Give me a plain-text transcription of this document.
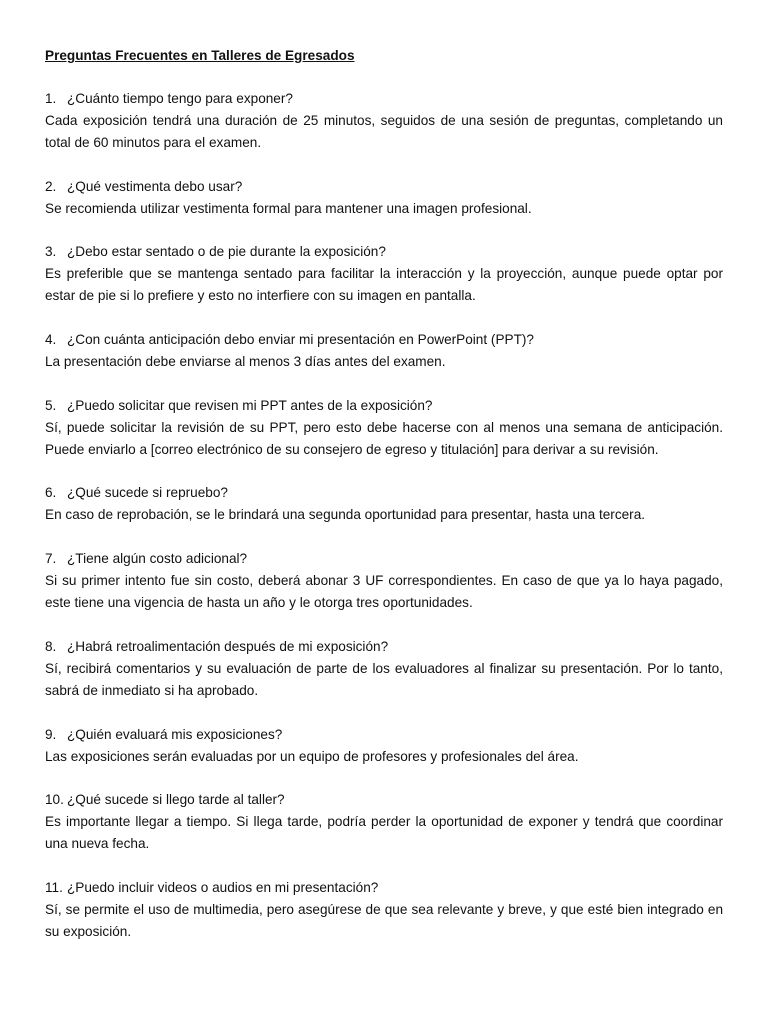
Preguntas Frecuentes en Talleres de Egresados

1. ¿Cuánto tiempo tengo para exponer?

Cada exposición tendrá una duración de 25 minutos, seguidos de una sesión de preguntas, completando un total de 60 minutos para el examen.

2. ¿Qué vestimenta debo usar?

Se recomienda utilizar vestimenta formal para mantener una imagen profesional.

3. ¿Debo estar sentado o de pie durante la exposición?

Es preferible que se mantenga sentado para facilitar la interacción y la proyección, aunque puede optar por estar de pie si lo prefiere y esto no interfiere con su imagen en pantalla.

4. ¿Con cuánta anticipación debo enviar mi presentación en PowerPoint (PPT)?

La presentación debe enviarse al menos 3 días antes del examen.

5. ¿Puedo solicitar que revisen mi PPT antes de la exposición?

Sí, puede solicitar la revisión de su PPT, pero esto debe hacerse con al menos una semana de anticipación. Puede enviarlo a [correo electrónico de su consejero de egreso y titulación] para derivar a su revisión.

6. ¿Qué sucede si repruebo?

En caso de reprobación, se le brindará una segunda oportunidad para presentar, hasta una tercera.

7. ¿Tiene algún costo adicional?

Si su primer intento fue sin costo, deberá abonar 3 UF correspondientes. En caso de que ya lo haya pagado, este tiene una vigencia de hasta un año y le otorga tres oportunidades.

8. ¿Habrá retroalimentación después de mi exposición?

Sí, recibirá comentarios y su evaluación de parte de los evaluadores al finalizar su presentación. Por lo tanto, sabrá de inmediato si ha aprobado.

9. ¿Quién evaluará mis exposiciones?

Las exposiciones serán evaluadas por un equipo de profesores y profesionales del área.

10. ¿Qué sucede si llego tarde al taller?

Es importante llegar a tiempo. Si llega tarde, podría perder la oportunidad de exponer y tendrá que coordinar una nueva fecha.

11. ¿Puedo incluir videos o audios en mi presentación?

Sí, se permite el uso de multimedia, pero asegúrese de que sea relevante y breve, y que esté bien integrado en su exposición.
